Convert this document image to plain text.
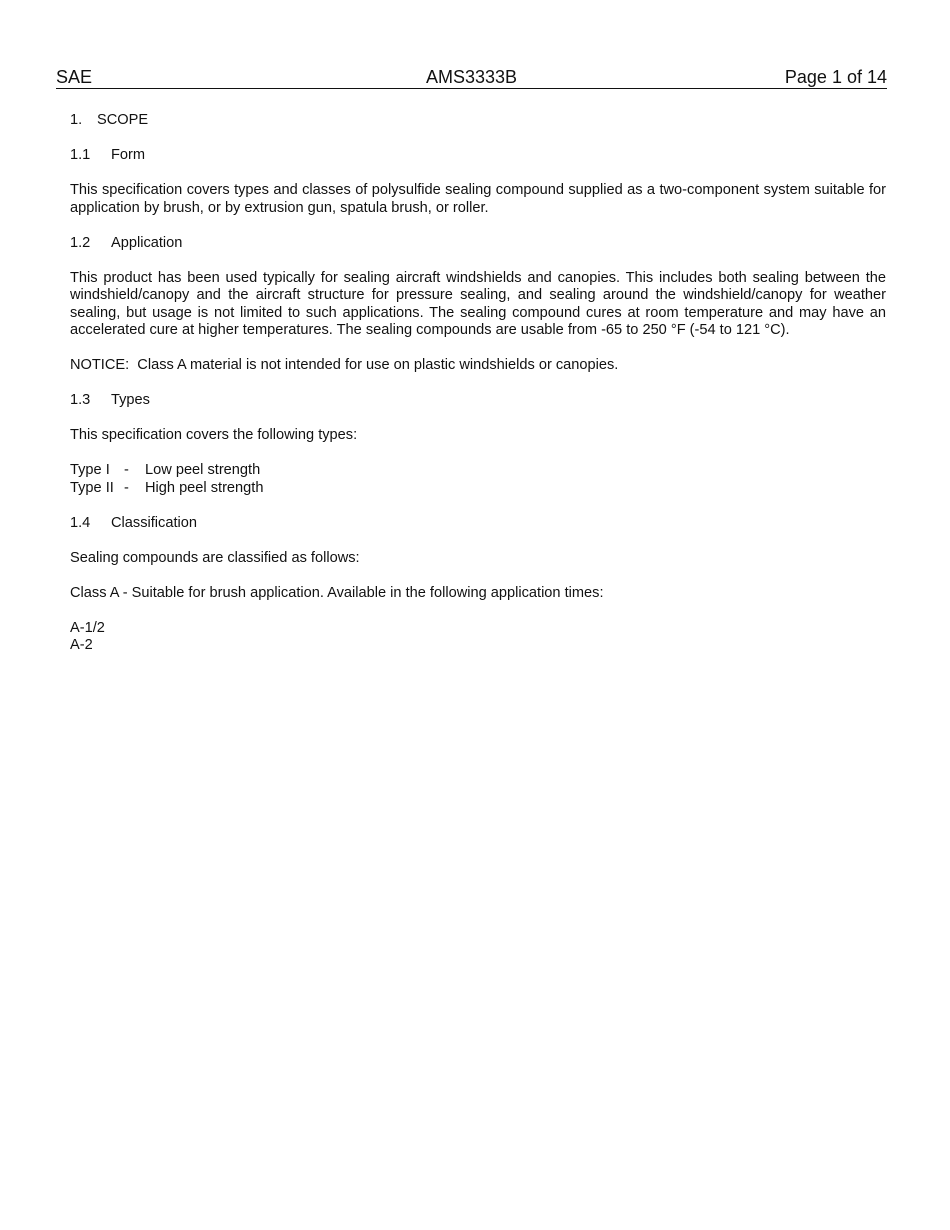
SAE	AMS3333B	Page 1 of 14

1.	SCOPE

1.1	Form

This specification covers types and classes of polysulfide sealing compound supplied as a two-component system suitable for application by brush, or by extrusion gun, spatula brush, or roller.

1.2	Application

This product has been used typically for sealing aircraft windshields and canopies. This includes both sealing between the windshield/canopy and the aircraft structure for pressure sealing, and sealing around the windshield/canopy for weather sealing, but usage is not limited to such applications. The sealing compound cures at room temperature and may have an accelerated cure at higher temperatures. The sealing compounds are usable from -65 to 250 °F (-54 to 121 °C).

NOTICE:  Class A material is not intended for use on plastic windshields or canopies.

1.3	Types

This specification covers the following types:

Type I -	Low peel strength
Type II -	High peel strength

1.4	Classification

Sealing compounds are classified as follows:

Class A - Suitable for brush application. Available in the following application times:

A-1/2

A-2
